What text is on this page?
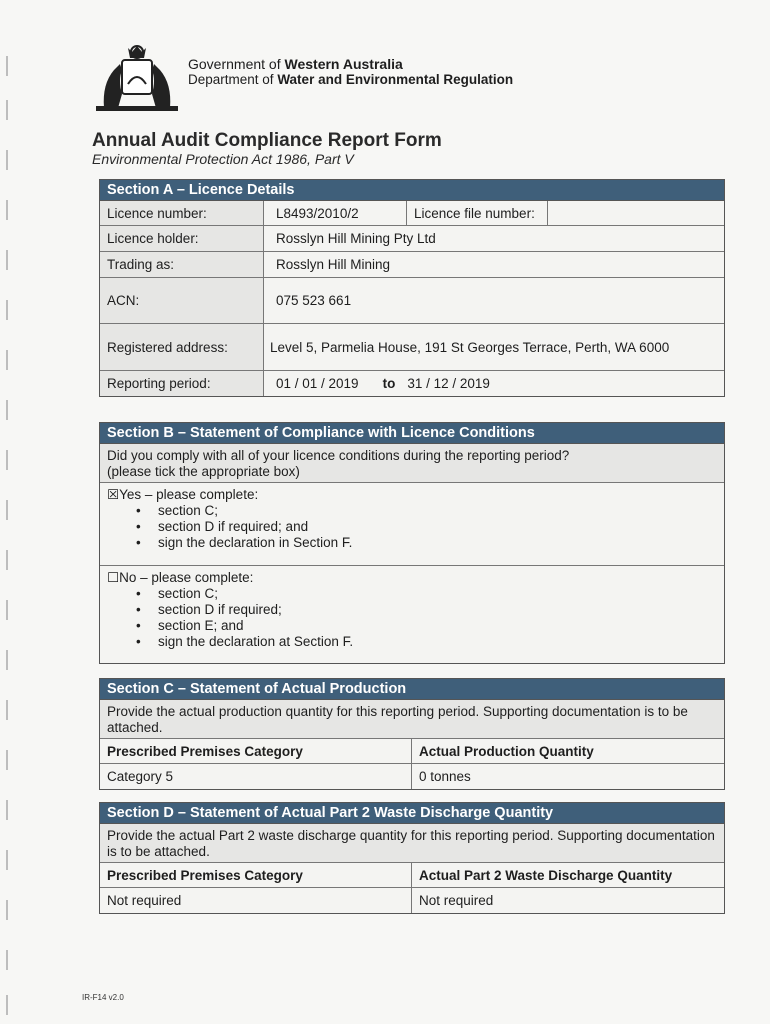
Government of Western Australia
Department of Water and Environmental Regulation
Annual Audit Compliance Report Form
Environmental Protection Act 1986, Part V
Section A – Licence Details
Licence number:	L8493/2010/2	Licence file number:
Licence holder:	Rosslyn Hill Mining Pty Ltd
Trading as:	Rosslyn Hill Mining
ACN:	075 523 661
Registered address:	Level 5, Parmelia House, 191 St Georges Terrace, Perth, WA 6000
Reporting period:	01 / 01 / 2019 to 31 / 12 / 2019
Section B – Statement of Compliance with Licence Conditions
Did you comply with all of your licence conditions during the reporting period?
(please tick the appropriate box)
☒Yes – please complete:
• section C;
• section D if required; and
• sign the declaration in Section F.
☐No – please complete:
• section C;
• section D if required;
• section E; and
• sign the declaration at Section F.
Section C – Statement of Actual Production
Provide the actual production quantity for this reporting period. Supporting documentation is to be attached.
Prescribed Premises Category	Actual Production Quantity
Category 5	0 tonnes
Section D – Statement of Actual Part 2 Waste Discharge Quantity
Provide the actual Part 2 waste discharge quantity for this reporting period. Supporting documentation is to be attached.
Prescribed Premises Category	Actual Part 2 Waste Discharge Quantity
Not required	Not required
IR-F14 v2.0
